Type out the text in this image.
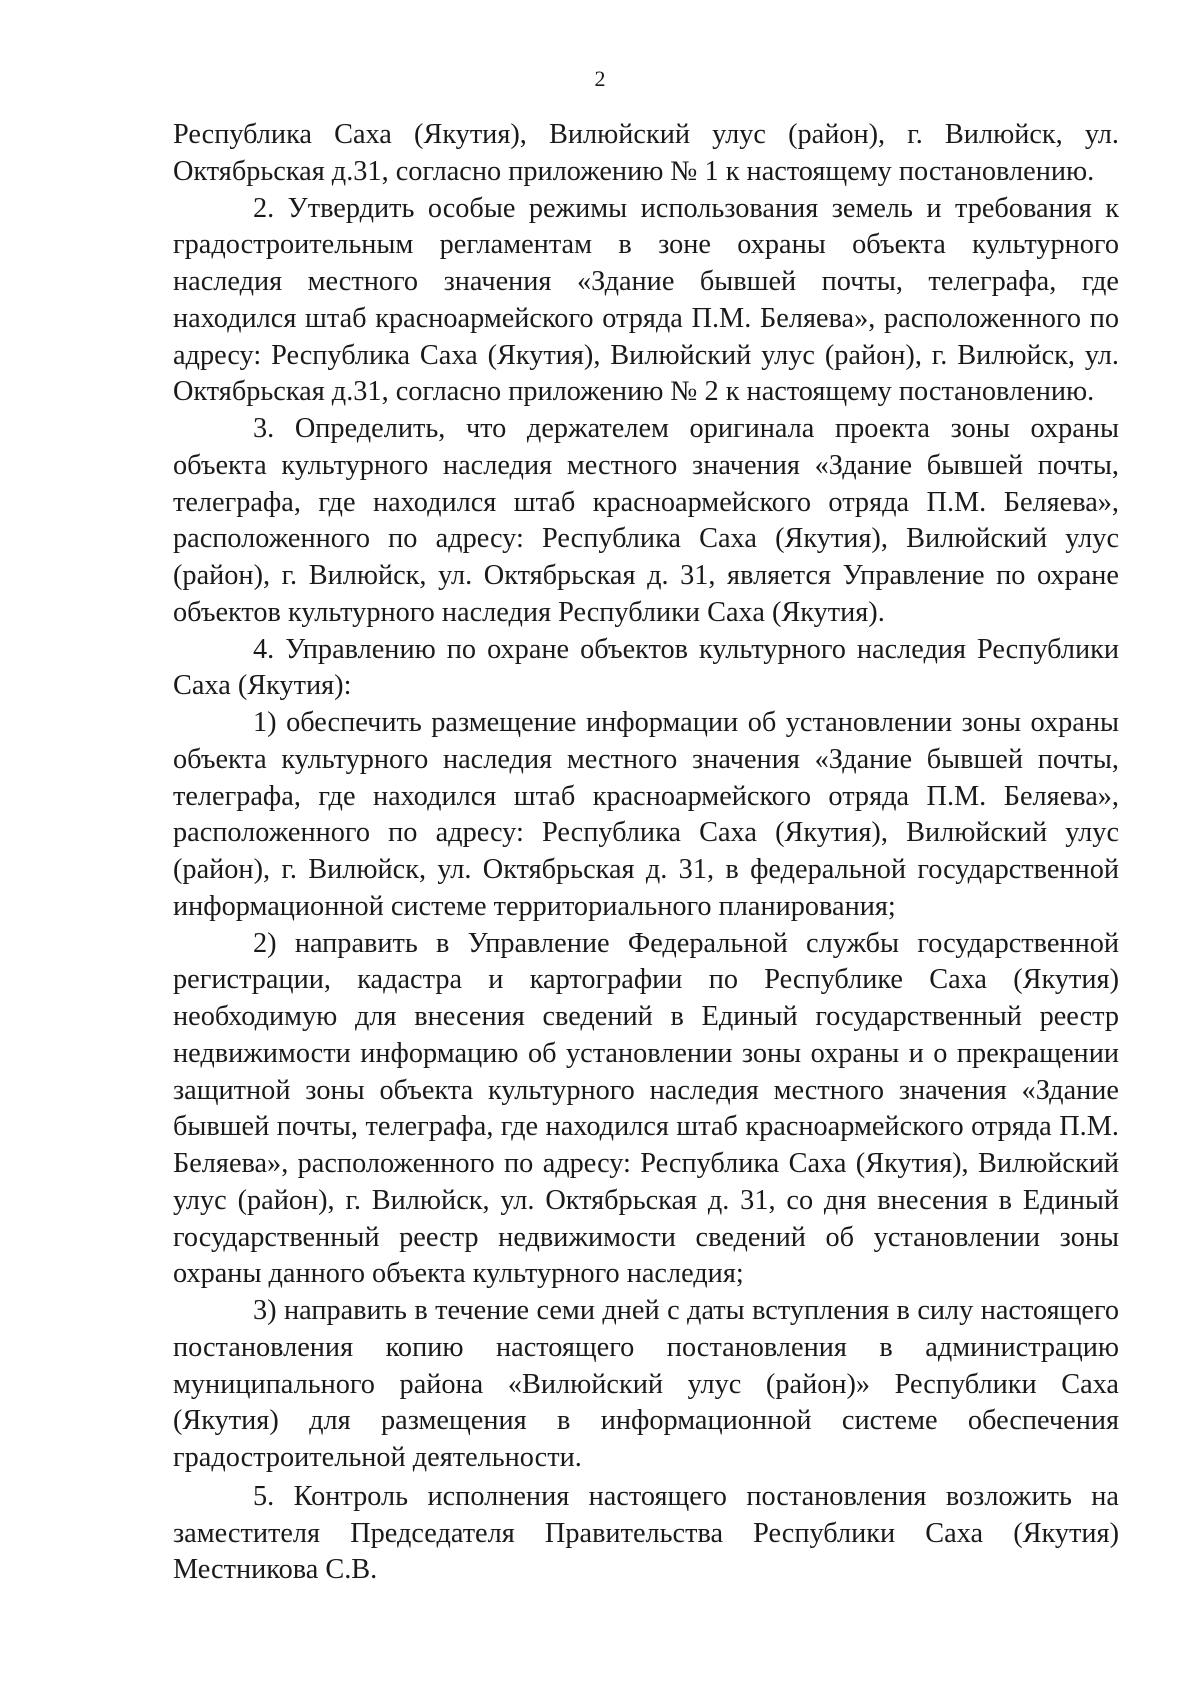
2

Республика Саха (Якутия), Вилюйский улус (район), г. Вилюйск, ул. Октябрьская д.31, согласно приложению № 1 к настоящему постановлению.

2. Утвердить особые режимы использования земель и требования к градостроительным регламентам в зоне охраны объекта культурного наследия местного значения «Здание бывшей почты, телеграфа, где находился штаб красноармейского отряда П.М. Беляева», расположенного по адресу: Республика Саха (Якутия), Вилюйский улус (район), г. Вилюйск, ул. Октябрьская д.31, согласно приложению № 2 к настоящему постановлению.

3. Определить, что держателем оригинала проекта зоны охраны объекта культурного наследия местного значения «Здание бывшей почты, телеграфа, где находился штаб красноармейского отряда П.М. Беляева», расположенного по адресу: Республика Саха (Якутия), Вилюйский улус (район), г. Вилюйск, ул. Октябрьская д. 31, является Управление по охране объектов культурного наследия Республики Саха (Якутия).

4. Управлению по охране объектов культурного наследия Республики Саха (Якутия):

1) обеспечить размещение информации об установлении зоны охраны объекта культурного наследия местного значения «Здание бывшей почты, телеграфа, где находился штаб красноармейского отряда П.М. Беляева», расположенного по адресу: Республика Саха (Якутия), Вилюйский улус (район), г. Вилюйск, ул. Октябрьская д. 31, в федеральной государственной информационной системе территориального планирования;

2) направить в Управление Федеральной службы государственной регистрации, кадастра и картографии по Республике Саха (Якутия) необходимую для внесения сведений в Единый государственный реестр недвижимости информацию об установлении зоны охраны и о прекращении защитной зоны объекта культурного наследия местного значения «Здание бывшей почты, телеграфа, где находился штаб красноармейского отряда П.М. Беляева», расположенного по адресу: Республика Саха (Якутия), Вилюйский улус (район), г. Вилюйск, ул. Октябрьская д. 31, со дня внесения в Единый государственный реестр недвижимости сведений об установлении зоны охраны данного объекта культурного наследия;

3) направить в течение семи дней с даты вступления в силу настоящего постановления копию настоящего постановления в администрацию муниципального района «Вилюйский улус (район)» Республики Саха (Якутия) для размещения в информационной системе обеспечения градостроительной деятельности.

5. Контроль исполнения настоящего постановления возложить на заместителя Председателя Правительства Республики Саха (Якутия) Местникова С.В.
